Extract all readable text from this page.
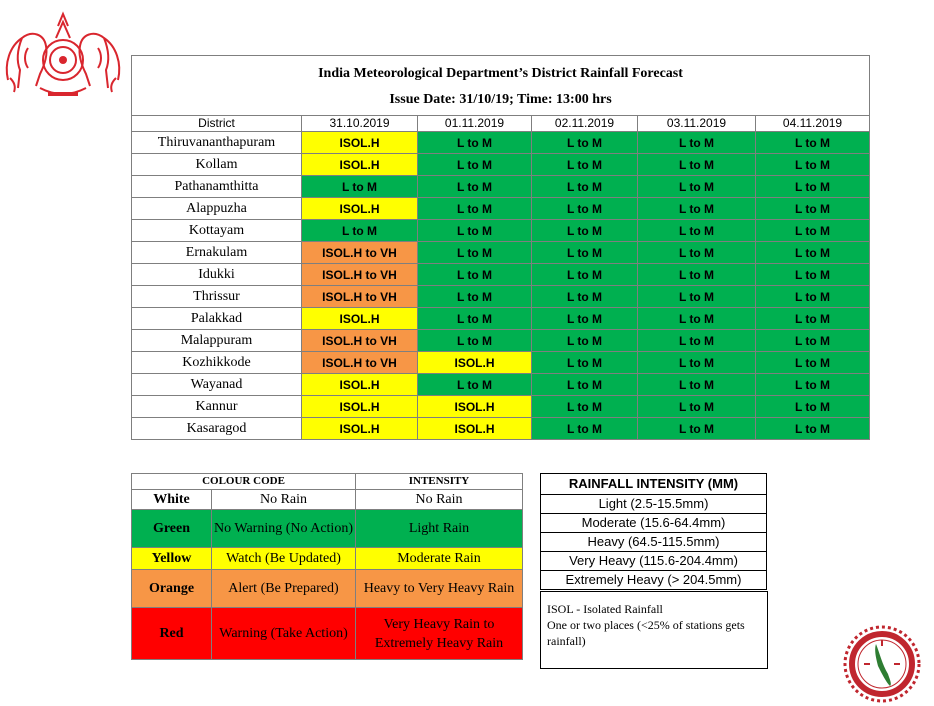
India Meteorological Department’s District Rainfall Forecast
Issue Date: 31/10/19; Time: 13:00 hrs					

District	31.10.2019	01.11.2019	02.11.2019	03.11.2019	04.11.2019
Thiruvananthapuram	ISOL.H	L to M	L to M	L to M	L to M
Kollam	ISOL.H	L to M	L to M	L to M	L to M
Pathanamthitta	L to M	L to M	L to M	L to M	L to M
Alappuzha	ISOL.H	L to M	L to M	L to M	L to M
Kottayam	L to M	L to M	L to M	L to M	L to M
Ernakulam	ISOL.H to VH	L to M	L to M	L to M	L to M
Idukki	ISOL.H to VH	L to M	L to M	L to M	L to M
Thrissur	ISOL.H to VH	L to M	L to M	L to M	L to M
Palakkad	ISOL.H	L to M	L to M	L to M	L to M
Malappuram	ISOL.H to VH	L to M	L to M	L to M	L to M
Kozhikkode	ISOL.H to VH	ISOL.H	L to M	L to M	L to M
Wayanad	ISOL.H	L to M	L to M	L to M	L to M
Kannur	ISOL.H	ISOL.H	L to M	L to M	L to M
Kasaragod	ISOL.H	ISOL.H	L to M	L to M	L to M
COLOUR CODE		INTENSITY
White	No Rain	No Rain
Green	No Warning (No Action)	Light Rain
Yellow	Watch (Be Updated)	Moderate Rain
Orange	Alert (Be Prepared)	Heavy to Very Heavy Rain
Red	Warning (Take Action)	Very Heavy Rain to Extremely Heavy Rain
RAINFALL INTENSITY (MM)
Light (2.5-15.5mm)
Moderate (15.6-64.4mm)
Heavy (64.5-115.5mm)
Very Heavy (115.6-204.4mm)
Extremely Heavy (> 204.5mm)
ISOL - Isolated Rainfall
One or two places (<25% of stations gets rainfall)
